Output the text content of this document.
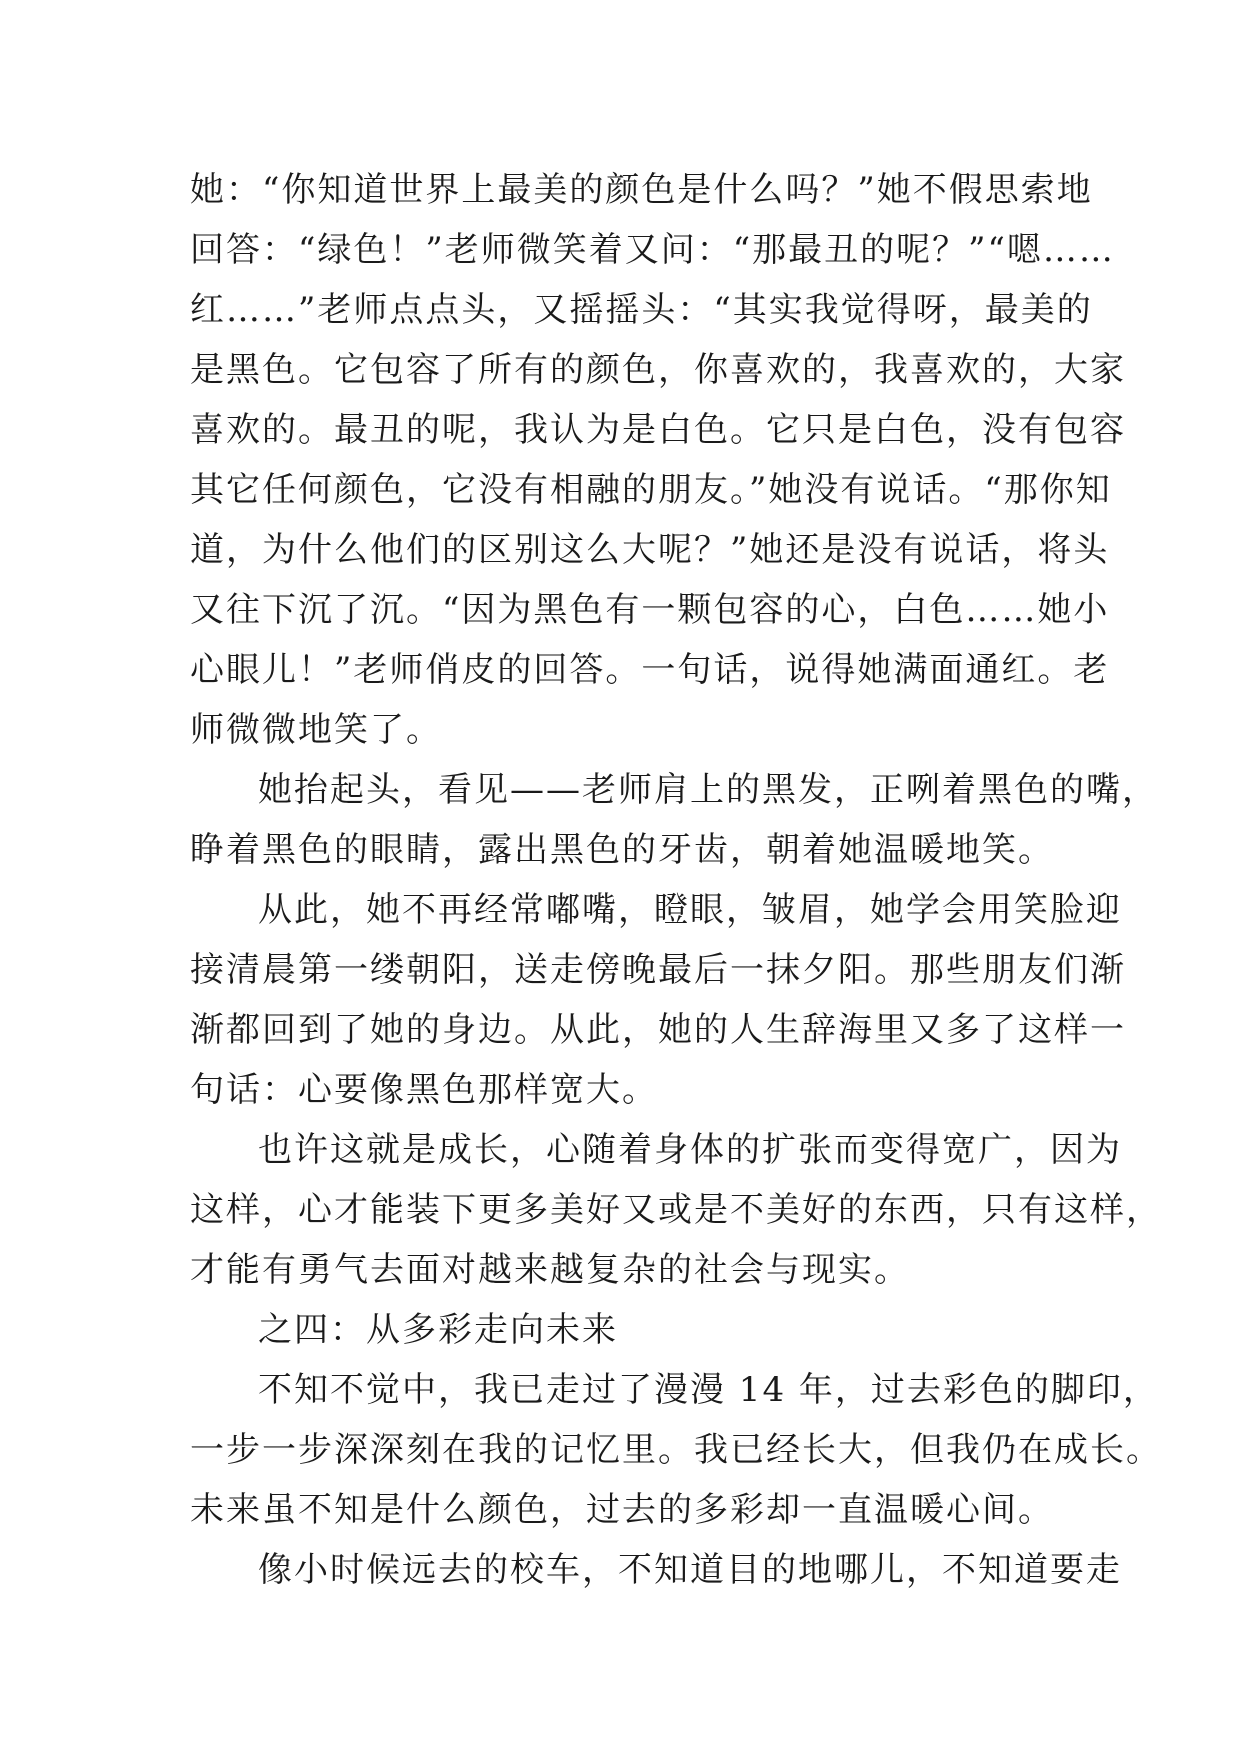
她：“你知道世界上最美的颜色是什么吗？”她不假思索地
回答：“绿色！”老师微笑着又问：“那最丑的呢？”“嗯……
红……”老师点点头，又摇摇头：“其实我觉得呀，最美的
是黑色。它包容了所有的颜色，你喜欢的，我喜欢的，大家
喜欢的。最丑的呢，我认为是白色。它只是白色，没有包容
其它任何颜色，它没有相融的朋友。”她没有说话。“那你知
道，为什么他们的区别这么大呢？”她还是没有说话，将头
又往下沉了沉。“因为黑色有一颗包容的心，白色……她小
心眼儿！”老师俏皮的回答。一句话，说得她满面通红。老
师微微地笑了。
她抬起头，看见——老师肩上的黑发，正咧着黑色的嘴，
睁着黑色的眼睛，露出黑色的牙齿，朝着她温暖地笑。
从此，她不再经常嘟嘴，瞪眼，皱眉，她学会用笑脸迎
接清晨第一缕朝阳，送走傍晚最后一抹夕阳。那些朋友们渐
渐都回到了她的身边。从此，她的人生辞海里又多了这样一
句话：心要像黑色那样宽大。
也许这就是成长，心随着身体的扩张而变得宽广，因为
这样，心才能装下更多美好又或是不美好的东西，只有这样，
才能有勇气去面对越来越复杂的社会与现实。
之四：从多彩走向未来
不知不觉中，我已走过了漫漫 14 年，过去彩色的脚印，
一步一步深深刻在我的记忆里。我已经长大，但我仍在成长。
未来虽不知是什么颜色，过去的多彩却一直温暖心间。
像小时候远去的校车，不知道目的地哪儿，不知道要走
